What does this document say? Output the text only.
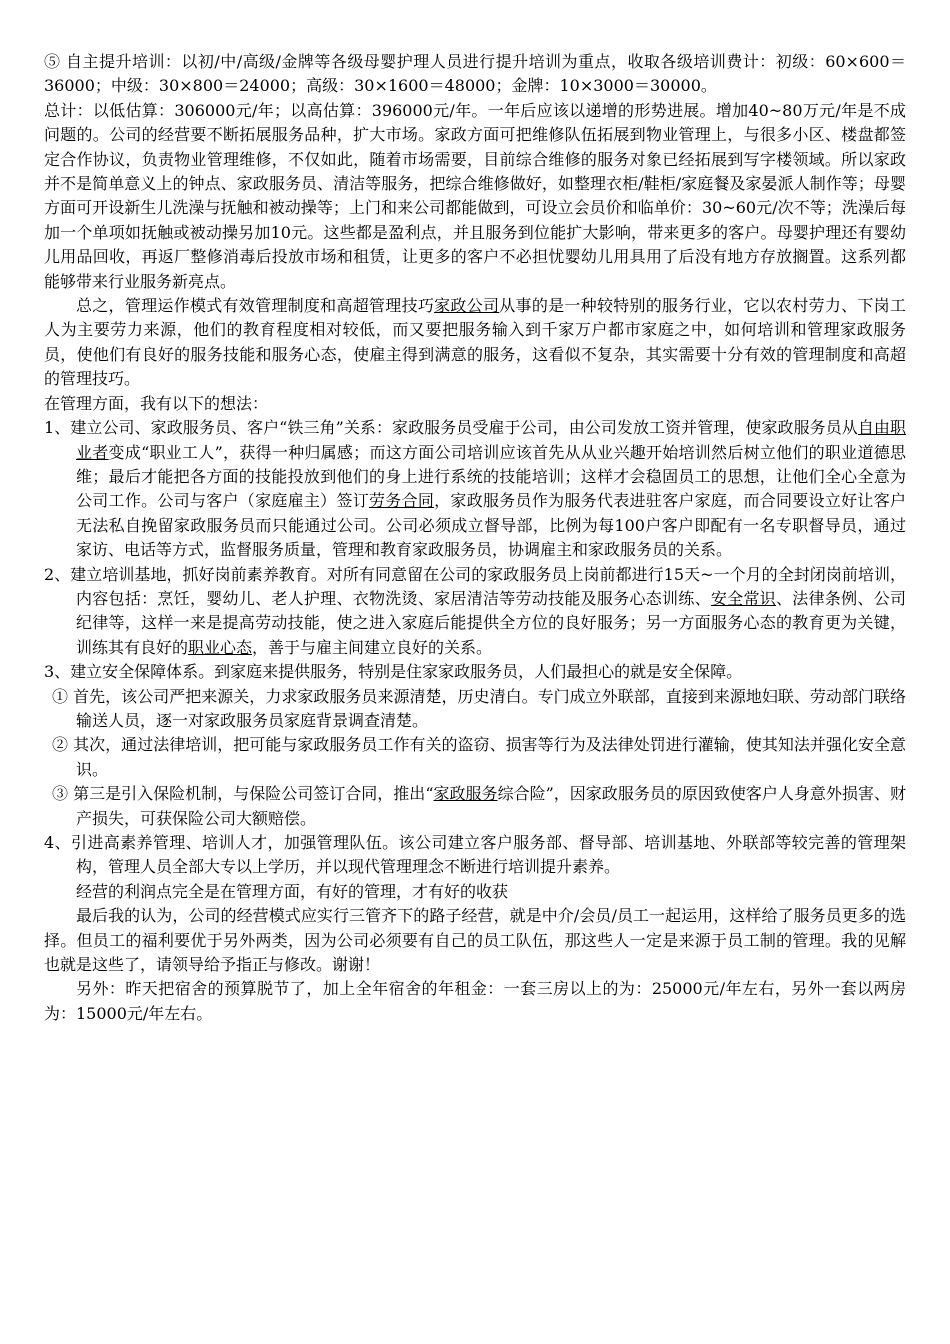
⑤ 自主提升培训：以初/中/高级/金牌等各级母婴护理人员进行提升培训为重点，收取各级培训费计：初级：60×600＝36000；中级：30×800＝24000；高级：30×1600＝48000；金牌：10×3000＝30000。
总计：以低估算：306000元/年；以高估算：396000元/年。一年后应该以递增的形势进展。增加40~80万元/年是不成问题的。公司的经营要不断拓展服务品种，扩大市场。家政方面可把维修队伍拓展到物业管理上，与很多小区、楼盘都签定合作协议，负责物业管理维修，不仅如此，随着市场需要，目前综合维修的服务对象已经拓展到写字楼领域。所以家政并不是简单意义上的钟点、家政服务员、清洁等服务，把综合维修做好，如整理衣柜/鞋柜/家庭餐及家晏派人制作等；母婴方面可开设新生儿洗澡与抚触和被动操等；上门和来公司都能做到，可设立会员价和临单价：30~60元/次不等；洗澡后每加一个单项如抚触或被动操另加10元。这些都是盈利点，并且服务到位能扩大影响，带来更多的客户。母婴护理还有婴幼儿用品回收，再返厂整修消毒后投放市场和租赁，让更多的客户不必担忧婴幼儿用具用了后没有地方存放搁置。这系列都能够带来行业服务新亮点。

总之，管理运作模式有效管理制度和高超管理技巧家政公司从事的是一种较特别的服务行业，它以农村劳力、下岗工人为主要劳力来源，他们的教育程度相对较低，而又要把服务输入到千家万户都市家庭之中，如何培训和管理家政服务员，使他们有良好的服务技能和服务心态，使雇主得到满意的服务，这看似不复杂，其实需要十分有效的管理制度和高超的管理技巧。

在管理方面，我有以下的想法：

1、建立公司、家政服务员、客户“铁三角”关系：家政服务员受雇于公司，由公司发放工资并管理，使家政服务员从自由职业者变成“职业工人”，获得一种归属感；而这方面公司培训应该首先从从业兴趣开始培训然后树立他们的职业道德思维；最后才能把各方面的技能投放到他们的身上进行系统的技能培训；这样才会稳固员工的思想，让他们全心全意为公司工作。公司与客户（家庭雇主）签订劳务合同，家政服务员作为服务代表进驻客户家庭，而合同要设立好让客户无法私自挽留家政服务员而只能通过公司。公司必须成立督导部，比例为每100户客户即配有一名专职督导员，通过家访、电话等方式，监督服务质量，管理和教育家政服务员，协调雇主和家政服务员的关系。

2、建立培训基地，抓好岗前素养教育。对所有同意留在公司的家政服务员上岗前都进行15天~一个月的全封闭岗前培训，内容包括：烹饪，婴幼儿、老人护理、衣物洗烫、家居清洁等劳动技能及服务心态训练、安全常识、法律条例、公司纪律等，这样一来是提高劳动技能，使之进入家庭后能提供全方位的良好服务；另一方面服务心态的教育更为关键，训练其有良好的职业心态，善于与雇主间建立良好的关系。

3、建立安全保障体系。到家庭来提供服务，特别是住家家政服务员，人们最担心的就是安全保障。

① 首先，该公司严把来源关，力求家政服务员来源清楚，历史清白。专门成立外联部，直接到来源地妇联、劳动部门联络输送人员，逐一对家政服务员家庭背景调查清楚。

② 其次，通过法律培训，把可能与家政服务员工作有关的盗窃、损害等行为及法律处罚进行灌输，使其知法并强化安全意识。

③ 第三是引入保险机制，与保险公司签订合同，推出“家政服务综合险”，因家政服务员的原因致使客户人身意外损害、财产损失，可获保险公司大额赔偿。

4、引进高素养管理、培训人才，加强管理队伍。该公司建立客户服务部、督导部、培训基地、外联部等较完善的管理架构，管理人员全部大专以上学历，并以现代管理理念不断进行培训提升素养。

经营的利润点完全是在管理方面，有好的管理，才有好的收获

最后我的认为，公司的经营模式应实行三管齐下的路子经营，就是中介/会员/员工一起运用，这样给了服务员更多的选择。但员工的福利要优于另外两类，因为公司必须要有自己的员工队伍，那这些人一定是来源于员工制的管理。我的见解也就是这些了，请领导给予指正与修改。谢谢！

另外：昨天把宿舍的预算脱节了，加上全年宿舍的年租金：一套三房以上的为：25000元/年左右，另外一套以两房为：15000元/年左右。
